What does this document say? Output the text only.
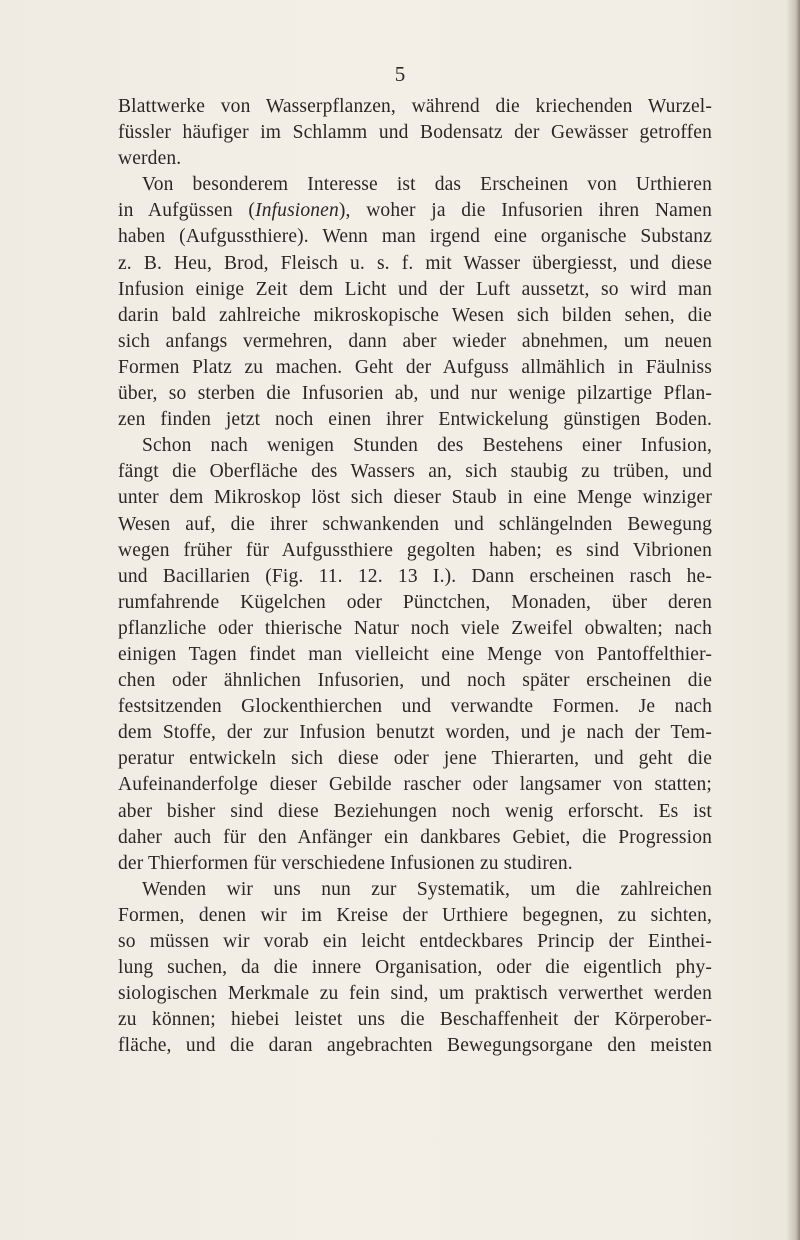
5
Blattwerke von Wasserpflanzen, während die kriechenden Wurzel-
füssler häufiger im Schlamm und Bodensatz der Gewässer getroffen
werden.
Von besonderem Interesse ist das Erscheinen von Urthieren
in Aufgüssen (Infusionen), woher ja die Infusorien ihren Namen
haben (Aufgussthiere). Wenn man irgend eine organische Substanz
z. B. Heu, Brod, Fleisch u. s. f. mit Wasser übergiesst, und diese
Infusion einige Zeit dem Licht und der Luft aussetzt, so wird man
darin bald zahlreiche mikroskopische Wesen sich bilden sehen, die
sich anfangs vermehren, dann aber wieder abnehmen, um neuen
Formen Platz zu machen. Geht der Aufguss allmählich in Fäulniss
über, so sterben die Infusorien ab, und nur wenige pilzartige Pflan-
zen finden jetzt noch einen ihrer Entwickelung günstigen Boden.
Schon nach wenigen Stunden des Bestehens einer Infusion,
fängt die Oberfläche des Wassers an, sich staubig zu trüben, und
unter dem Mikroskop löst sich dieser Staub in eine Menge winziger
Wesen auf, die ihrer schwankenden und schlängelnden Bewegung
wegen früher für Aufgussthiere gegolten haben; es sind Vibrionen
und Bacillarien (Fig. 11. 12. 13 I.). Dann erscheinen rasch he-
rumfahrende Kügelchen oder Pünctchen, Monaden, über deren
pflanzliche oder thierische Natur noch viele Zweifel obwalten; nach
einigen Tagen findet man vielleicht eine Menge von Pantoffelthier-
chen oder ähnlichen Infusorien, und noch später erscheinen die
festsitzenden Glockenthierchen und verwandte Formen. Je nach
dem Stoffe, der zur Infusion benutzt worden, und je nach der Tem-
peratur entwickeln sich diese oder jene Thierarten, und geht die
Aufeinanderfolge dieser Gebilde rascher oder langsamer von statten;
aber bisher sind diese Beziehungen noch wenig erforscht. Es ist
daher auch für den Anfänger ein dankbares Gebiet, die Progression
der Thierformen für verschiedene Infusionen zu studiren.
Wenden wir uns nun zur Systematik, um die zahlreichen
Formen, denen wir im Kreise der Urthiere begegnen, zu sichten,
so müssen wir vorab ein leicht entdeckbares Princip der Einthei-
lung suchen, da die innere Organisation, oder die eigentlich phy-
siologischen Merkmale zu fein sind, um praktisch verwerthet werden
zu können; hiebei leistet uns die Beschaffenheit der Körperober-
fläche, und die daran angebrachten Bewegungsorgane den meisten
